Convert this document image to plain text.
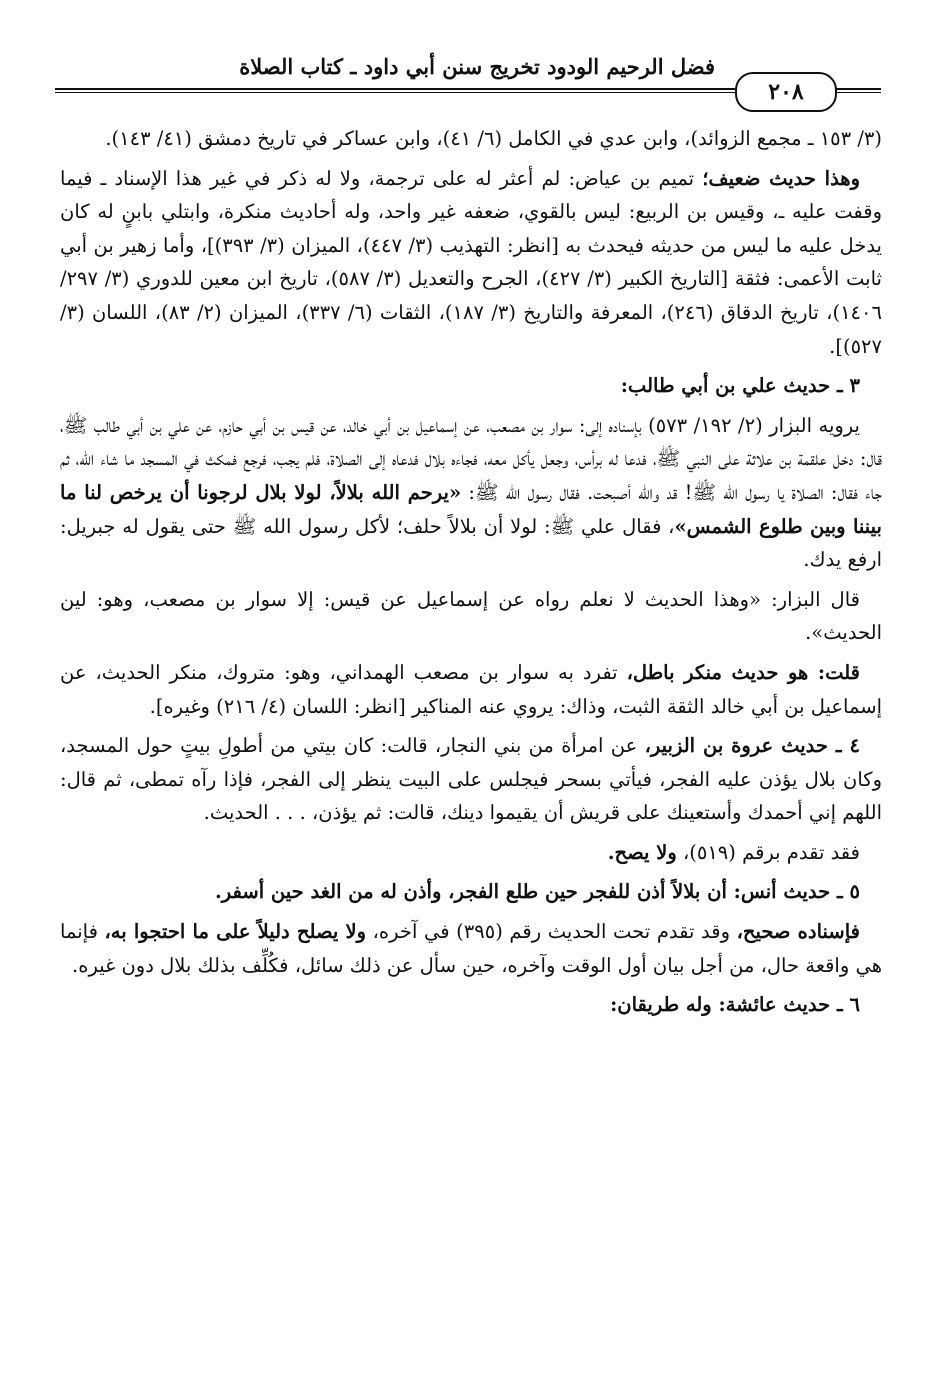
فضل الرحيم الودود تخريج سنن أبي داود ـ كتاب الصلاة
٢٠٨

(٣/ ١٥٣ ـ مجمع الزوائد)، وابن عدي في الكامل (٦/ ٤١)، وابن عساكر في تاريخ دمشق (٤١/ ١٤٣).

وهذا حديث ضعيف؛ تميم بن عياض: لم أعثر له على ترجمة، ولا له ذكر في غير هذا الإسناد ـ فيما وقفت عليه ـ، وقيس بن الربيع: ليس بالقوي، ضعفه غير واحد، وله أحاديث منكرة، وابتلي بابنٍ له كان يدخل عليه ما ليس من حديثه فيحدث به [انظر: التهذيب (٣/ ٤٤٧)، الميزان (٣/ ٣٩٣)]، وأما زهير بن أبي ثابت الأعمى: فثقة [التاريخ الكبير (٣/ ٤٢٧)، الجرح والتعديل (٣/ ٥٨٧)، تاريخ ابن معين للدوري (٣/ ٢٩٧/ ١٤٠٦)، تاريخ الدقاق (٢٤٦)، المعرفة والتاريخ (٣/ ١٨٧)، الثقات (٦/ ٣٣٧)، الميزان (٢/ ٨٣)، اللسان (٣/ ٥٢٧)].

٣ ـ حديث علي بن أبي طالب:

يرويه البزار (٢/ ١٩٢/ ٥٧٣) بإسناده إلى: سوار بن مصعب، عن إسماعيل بن أبي خالد، عن قيس بن أبي حازم، عن علي بن أبي طالب ﷺ، قال: دخل علقمة بن علاثة على النبي ﷺ، فدعا له برأس، وجعل يأكل معه، فجاءه بلال فدعاه إلى الصلاة، فلم يجب، فرجع فمكث في المسجد ما شاء الله، ثم جاء فقال: الصلاة يا رسول الله ﷺ! قد والله أصبحت. فقال رسول الله ﷺ: «يرحم الله بلالاً، لولا بلال لرجونا أن يرخص لنا ما بيننا وبين طلوع الشمس»، فقال علي ﷺ: لولا أن بلالاً حلف؛ لأكل رسول الله ﷺ حتى يقول له جبريل: ارفع يدك.

قال البزار: «وهذا الحديث لا نعلم رواه عن إسماعيل عن قيس: إلا سوار بن مصعب، وهو: لين الحديث».

قلت: هو حديث منكر باطل، تفرد به سوار بن مصعب الهمداني، وهو: متروك، منكر الحديث، عن إسماعيل بن أبي خالد الثقة الثبت، وذاك: يروي عنه المناكير [انظر: اللسان (٤/ ٢١٦) وغيره].

٤ ـ حديث عروة بن الزبير، عن امرأة من بني النجار، قالت: كان بيتي من أطولِ بيتٍ حول المسجد، وكان بلال يؤذن عليه الفجر، فيأتي بسحر فيجلس على البيت ينظر إلى الفجر، فإذا رآه تمطى، ثم قال: اللهم إني أحمدك وأستعينك على قريش أن يقيموا دينك، قالت: ثم يؤذن، . . . الحديث.

فقد تقدم برقم (٥١٩)، ولا يصح.

٥ ـ حديث أنس: أن بلالاً أذن للفجر حين طلع الفجر، وأذن له من الغد حين أسفر.

فإسناده صحيح، وقد تقدم تحت الحديث رقم (٣٩٥) في آخره، ولا يصلح دليلاً على ما احتجوا به، فإنما هي واقعة حال، من أجل بيان أول الوقت وآخره، حين سأل عن ذلك سائل، فكُلِّف بذلك بلال دون غيره.

٦ ـ حديث عائشة: وله طريقان:
